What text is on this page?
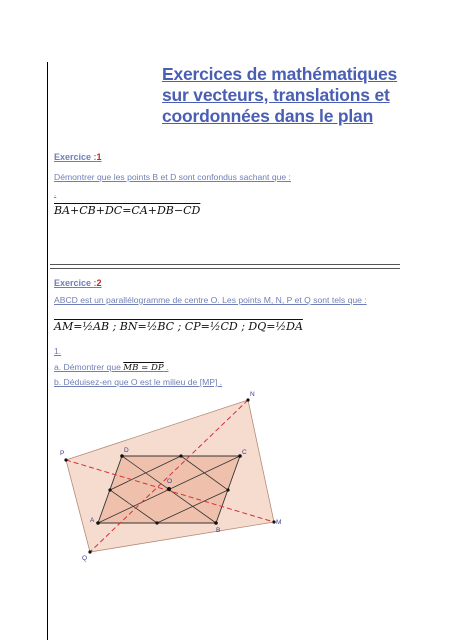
Exercices de mathématiques sur vecteurs, translations et coordonnées dans le plan
Exercice :1
Démontrer que les points B et D sont confondus sachant que :
.
BA+CB+DC=CA+DB−CD
Exercice :2
ABCD est un parallélogramme de centre O. Les points M, N, P et Q sont tels que :
AM=½AB ; BN=½BC ; CP=½CD ; DQ=½DA
1.
a. Démontrer que MB = DP .
b. Déduisez-en que O est le milieu de [MP] .
P	D
N
C
O
A
B
M
Q
